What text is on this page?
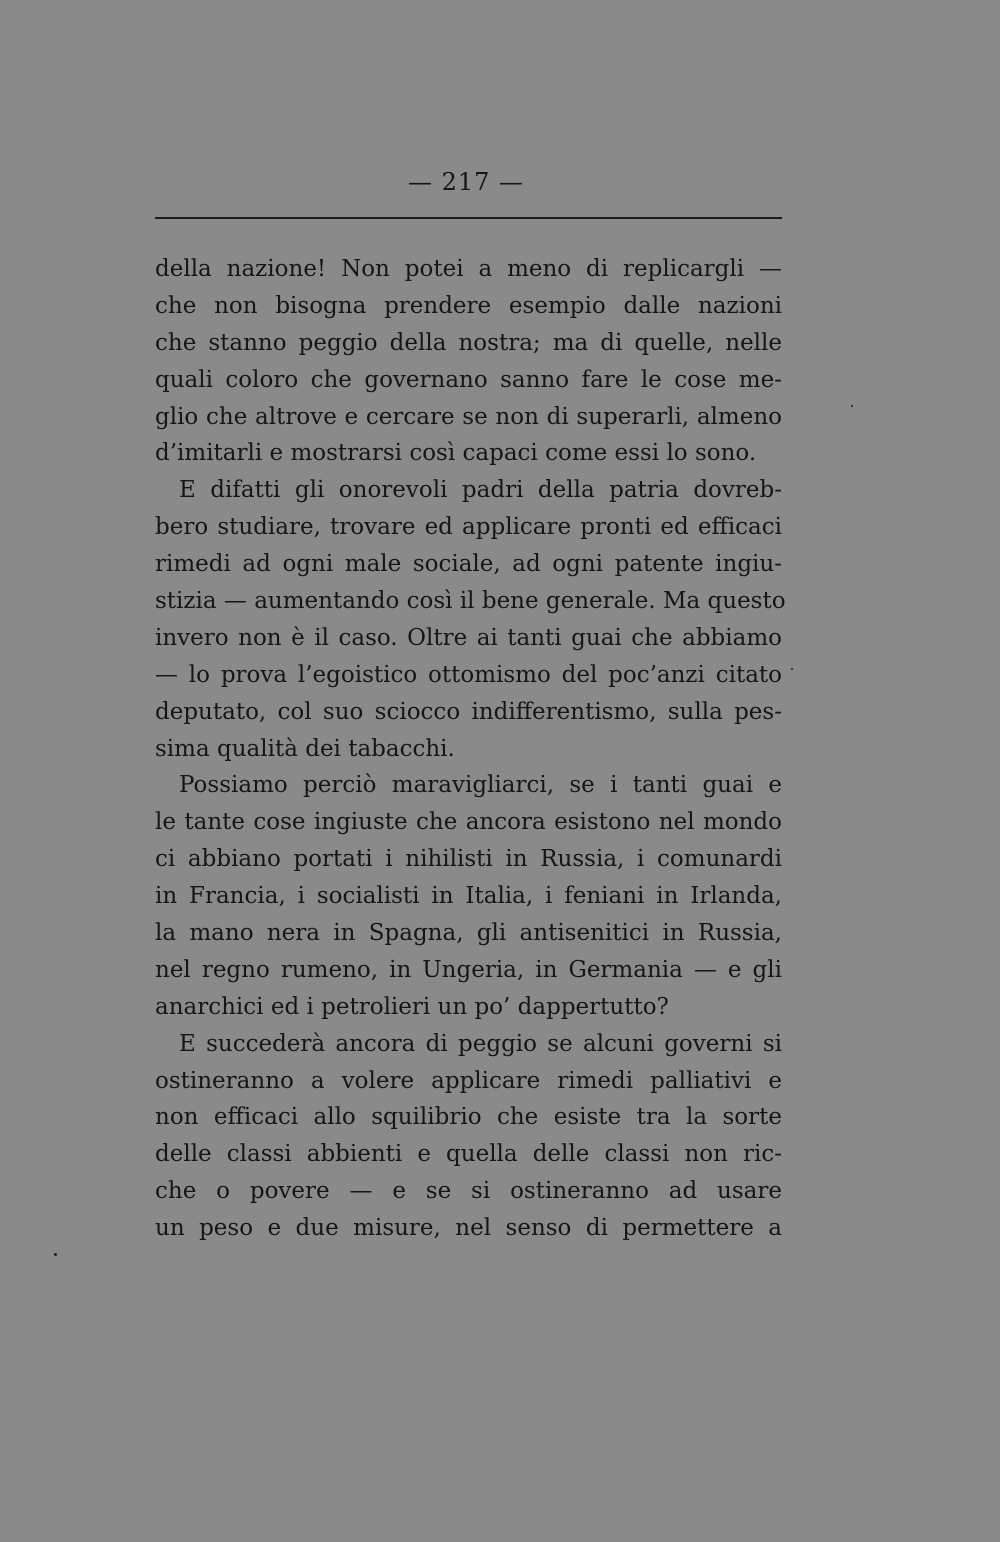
— 217 —
della nazione! Non potei a meno di replicargli —
che non bisogna prendere esempio dalle nazioni
che stanno peggio della nostra; ma di quelle, nelle
quali coloro che governano sanno fare le cose me-
glio che altrove e cercare se non di superarli, almeno
d’imitarli e mostrarsi così capaci come essi lo sono.
E difatti gli onorevoli padri della patria dovreb-
bero studiare, trovare ed applicare pronti ed efficaci
rimedi ad ogni male sociale, ad ogni patente ingiu-
stizia — aumentando così il bene generale. Ma questo
invero non è il caso. Oltre ai tanti guai che abbiamo
— lo prova l’egoistico ottomismo del poc’anzi citato
deputato, col suo sciocco indifferentismo, sulla pes-
sima qualità dei tabacchi.
Possiamo perciò maravigliarci, se i tanti guai e
le tante cose ingiuste che ancora esistono nel mondo
ci abbiano portati i nihilisti in Russia, i comunardi
in Francia, i socialisti in Italia, i feniani in Irlanda,
la mano nera in Spagna, gli antisenitici in Russia,
nel regno rumeno, in Ungeria, in Germania — e gli
anarchici ed i petrolieri un po’ dappertutto?
E succederà ancora di peggio se alcuni governi si
ostineranno a volere applicare rimedi palliativi e
non efficaci allo squilibrio che esiste tra la sorte
delle classi abbienti e quella delle classi non ric-
che o povere — e se si ostineranno ad usare
un peso e due misure, nel senso di permettere a
